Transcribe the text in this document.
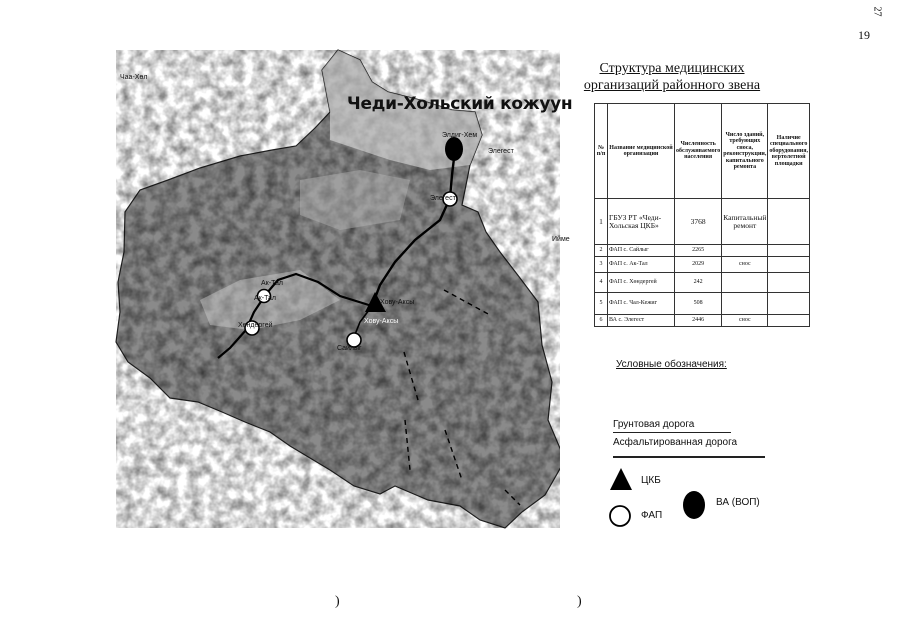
19
27
Чеди-Хольский кожуун
Чаа-Хөл
Ак-Тал
Ак-Тал
Хөндергей
Хову-Аксы
Хову-Аксы
Сайлыг
Элдиг-Хем
Элегест
Элегест
Ийме
Структура медицинских
организаций районного звена
№ п/п	Название медицинской организации	Численность обслуживаемого населения	Число зданий, требующих сноса, реконструкции, капитального ремонта	Наличие специального оборудования, вертолетной площадки
1	ГБУЗ РТ «Чеди-Хольская ЦКБ»	3768	Капитальный ремонт	
2	ФАП с. Сайлыг	2265		
3	ФАП с. Ак-Тал	2029	снос	
4	ФАП с. Хөндергей	242		
5	ФАП с. Чал-Кежиг	508		
6	ВА с. Элегест	2446	снос	
Условные обозначения:
Грунтовая дорога
Асфальтированная дорога
ЦКБ
ФАП
ВА (ВОП)
)	)
